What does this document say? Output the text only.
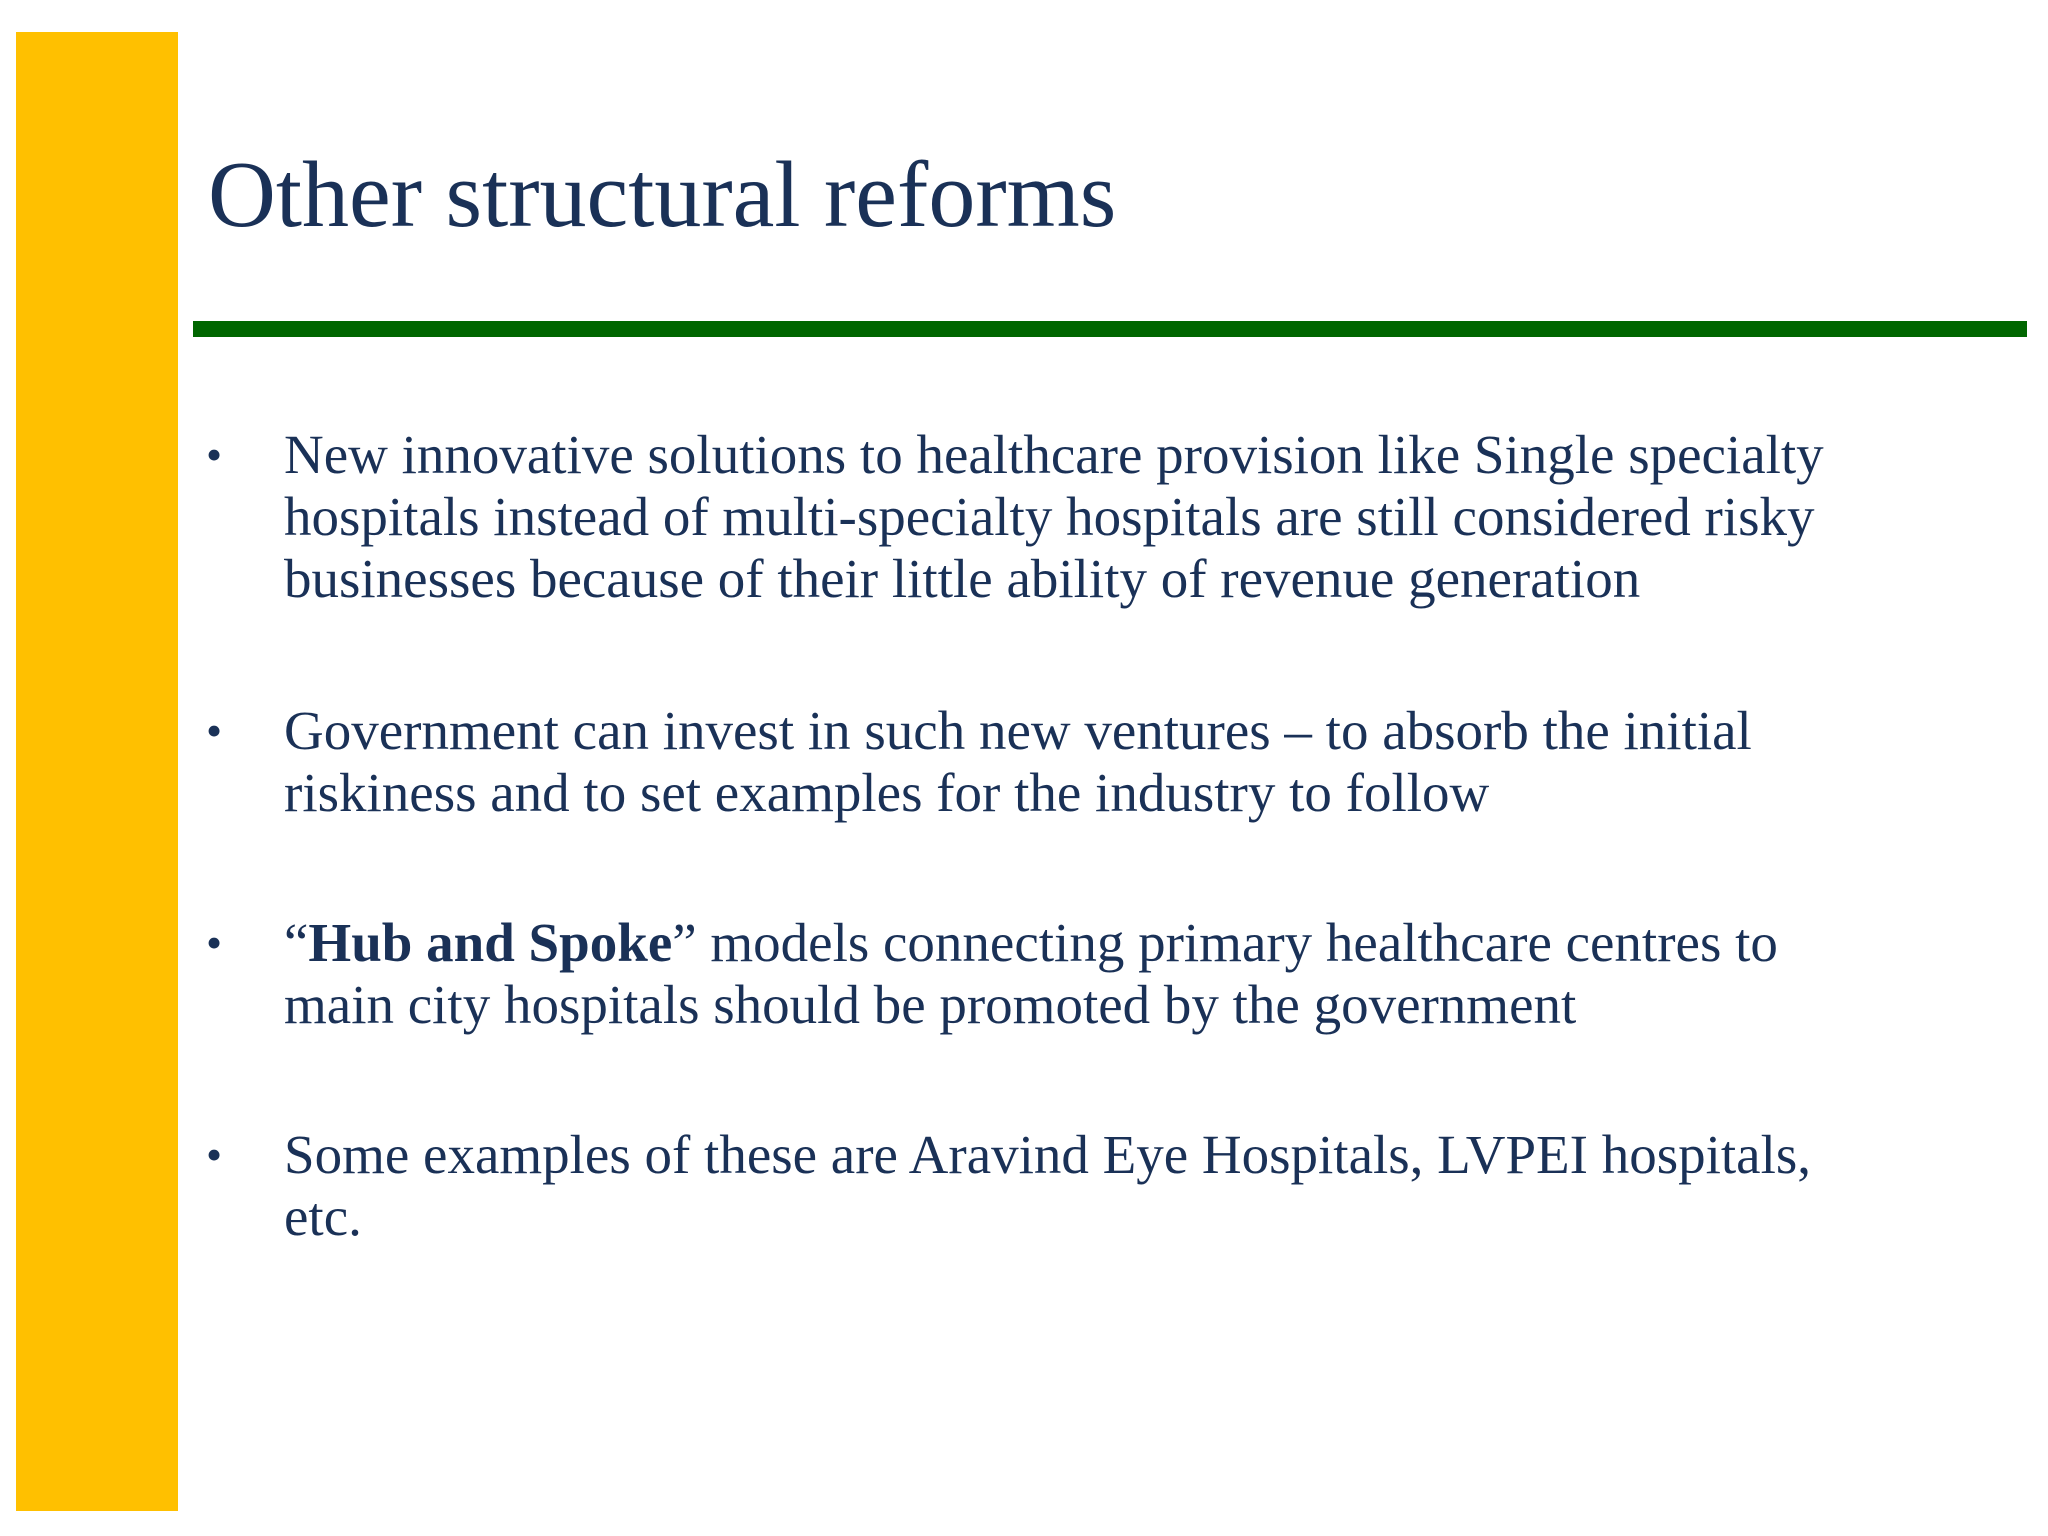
Other structural reforms
• New innovative solutions to healthcare provision like Single specialty
hospitals instead of multi-specialty hospitals are still considered risky
businesses because of their little ability of revenue generation
• Government can invest in such new ventures – to absorb the initial
riskiness and to set examples for the industry to follow
• “Hub and Spoke” models connecting primary healthcare centres to
main city hospitals should be promoted by the government
• Some examples of these are Aravind Eye Hospitals, LVPEI hospitals,
etc.
